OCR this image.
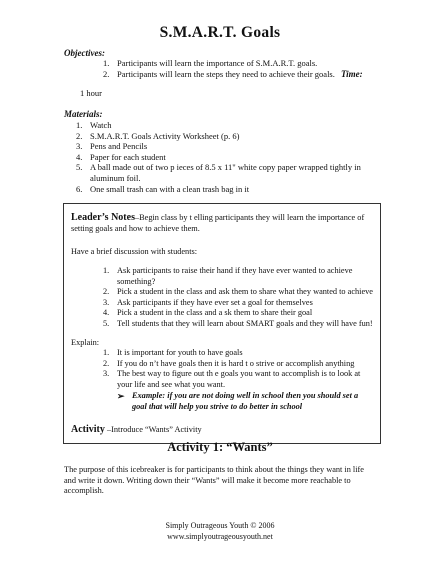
S.M.A.R.T. Goals
Objectives:
1. Participants will learn the importance of S.M.A.R.T. goals.
2. Participants will learn the steps they need to achieve their goals. Time:
1 hour
Materials:
1. Watch
2. S.M.A.R.T. Goals Activity Worksheet (p. 6)
3. Pens and Pencils
4. Paper for each student
5. A ball made out of two p ieces of 8.5 x 11" white copy paper wrapped tightly in aluminum foil.
6. One small trash can with a clean trash bag in it
Leader’s Notes–Begin class by t elling participants they will learn the importance of setting goals and how to achieve them.
Have a brief discussion with students:
1. Ask participants to raise their hand if they have ever wanted to achieve something?
2. Pick a student in the class and ask them to share what they wanted to achieve
3. Ask participants if they have ever set a goal for themselves
4. Pick a student in the class and a sk them to share their goal
5. Tell students that they will learn about SMART goals and they will have fun!
Explain:
1. It is important for youth to have goals
2. If you do n’t have goals then it is hard t o strive or accomplish anything
3. The best way to figure out th e goals you want to accomplish is to look at your life and see what you want.
➢ Example: if you are not doing well in school then you should set a goal that will help you strive to do better in school
Activity –Introduce “Wants” Activity
Activity 1: “Wants”
The purpose of this icebreaker is for participants to think about the things they want in life and write it down. Writing down their “Wants” will make it become more reachable to accomplish.
Simply Outrageous Youth © 2006
www.simplyoutrageousyouth.net
